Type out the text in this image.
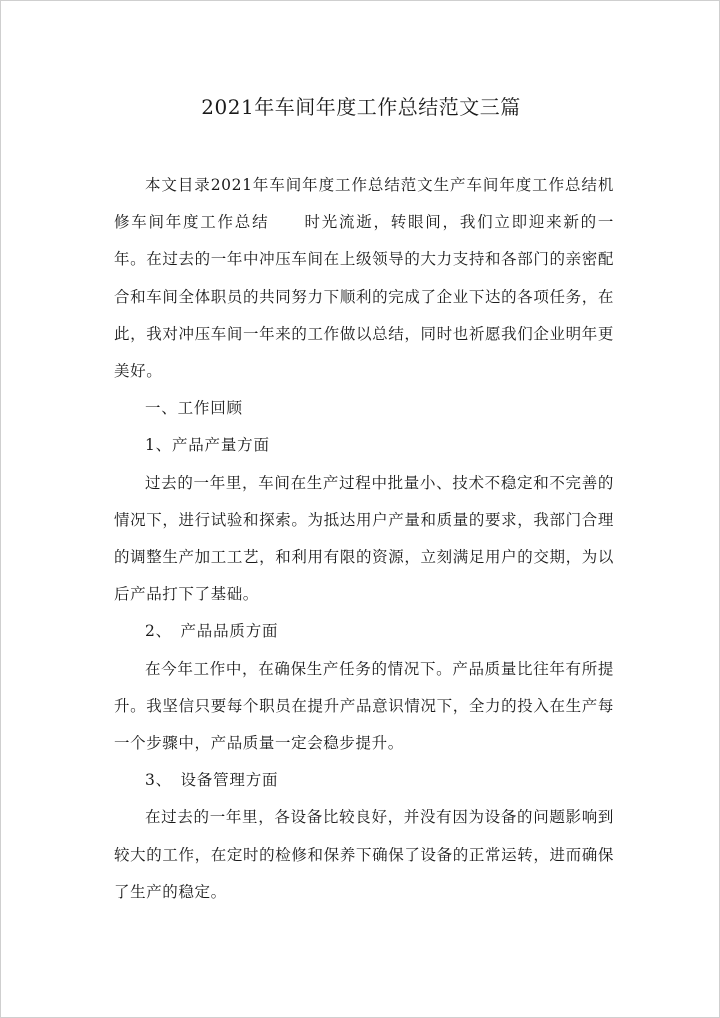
2021年车间年度工作总结范文三篇

本文目录2021年车间年度工作总结范文生产车间年度工作总结机修车间年度工作总结 时光流逝，转眼间，我们立即迎来新的一年。在过去的一年中冲压车间在上级领导的大力支持和各部门的亲密配合和车间全体职员的共同努力下顺利的完成了企业下达的各项任务，在此，我对冲压车间一年来的工作做以总结，同时也祈愿我们企业明年更美好。

一、工作回顾

1、产品产量方面

过去的一年里，车间在生产过程中批量小、技术不稳定和不完善的情况下，进行试验和探索。为抵达用户产量和质量的要求，我部门合理的调整生产加工工艺，和利用有限的资源，立刻满足用户的交期，为以后产品打下了基础。

2、　产品品质方面

在今年工作中，在确保生产任务的情况下。产品质量比往年有所提升。我坚信只要每个职员在提升产品意识情况下，全力的投入在生产每一个步骤中，产品质量一定会稳步提升。

3、　设备管理方面

在过去的一年里，各设备比较良好，并没有因为设备的问题影响到较大的工作，在定时的检修和保养下确保了设备的正常运转，进而确保了生产的稳定。
